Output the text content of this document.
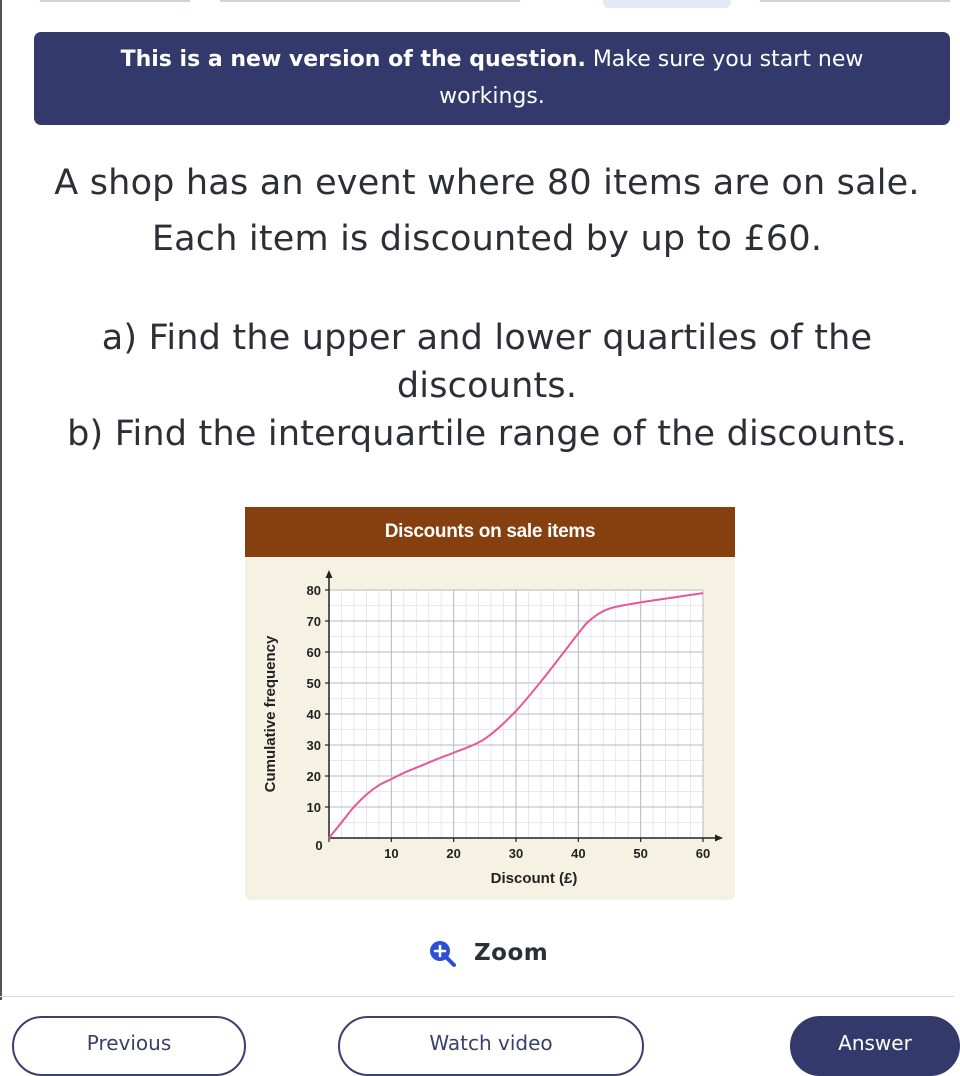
This is a new version of the question. Make sure you start new
workings.
A shop has an event where 80 items are on sale.
Each item is discounted by up to £60.
a) Find the upper and lower quartiles of the
discounts.
b) Find the interquartile range of the discounts.
Discounts on sale items
0
10	20	30	40	50	60
10
20
30
40
50
60
70
80
Discount (£)
Cumulative frequency
Zoom
Previous	Watch video	Answer
